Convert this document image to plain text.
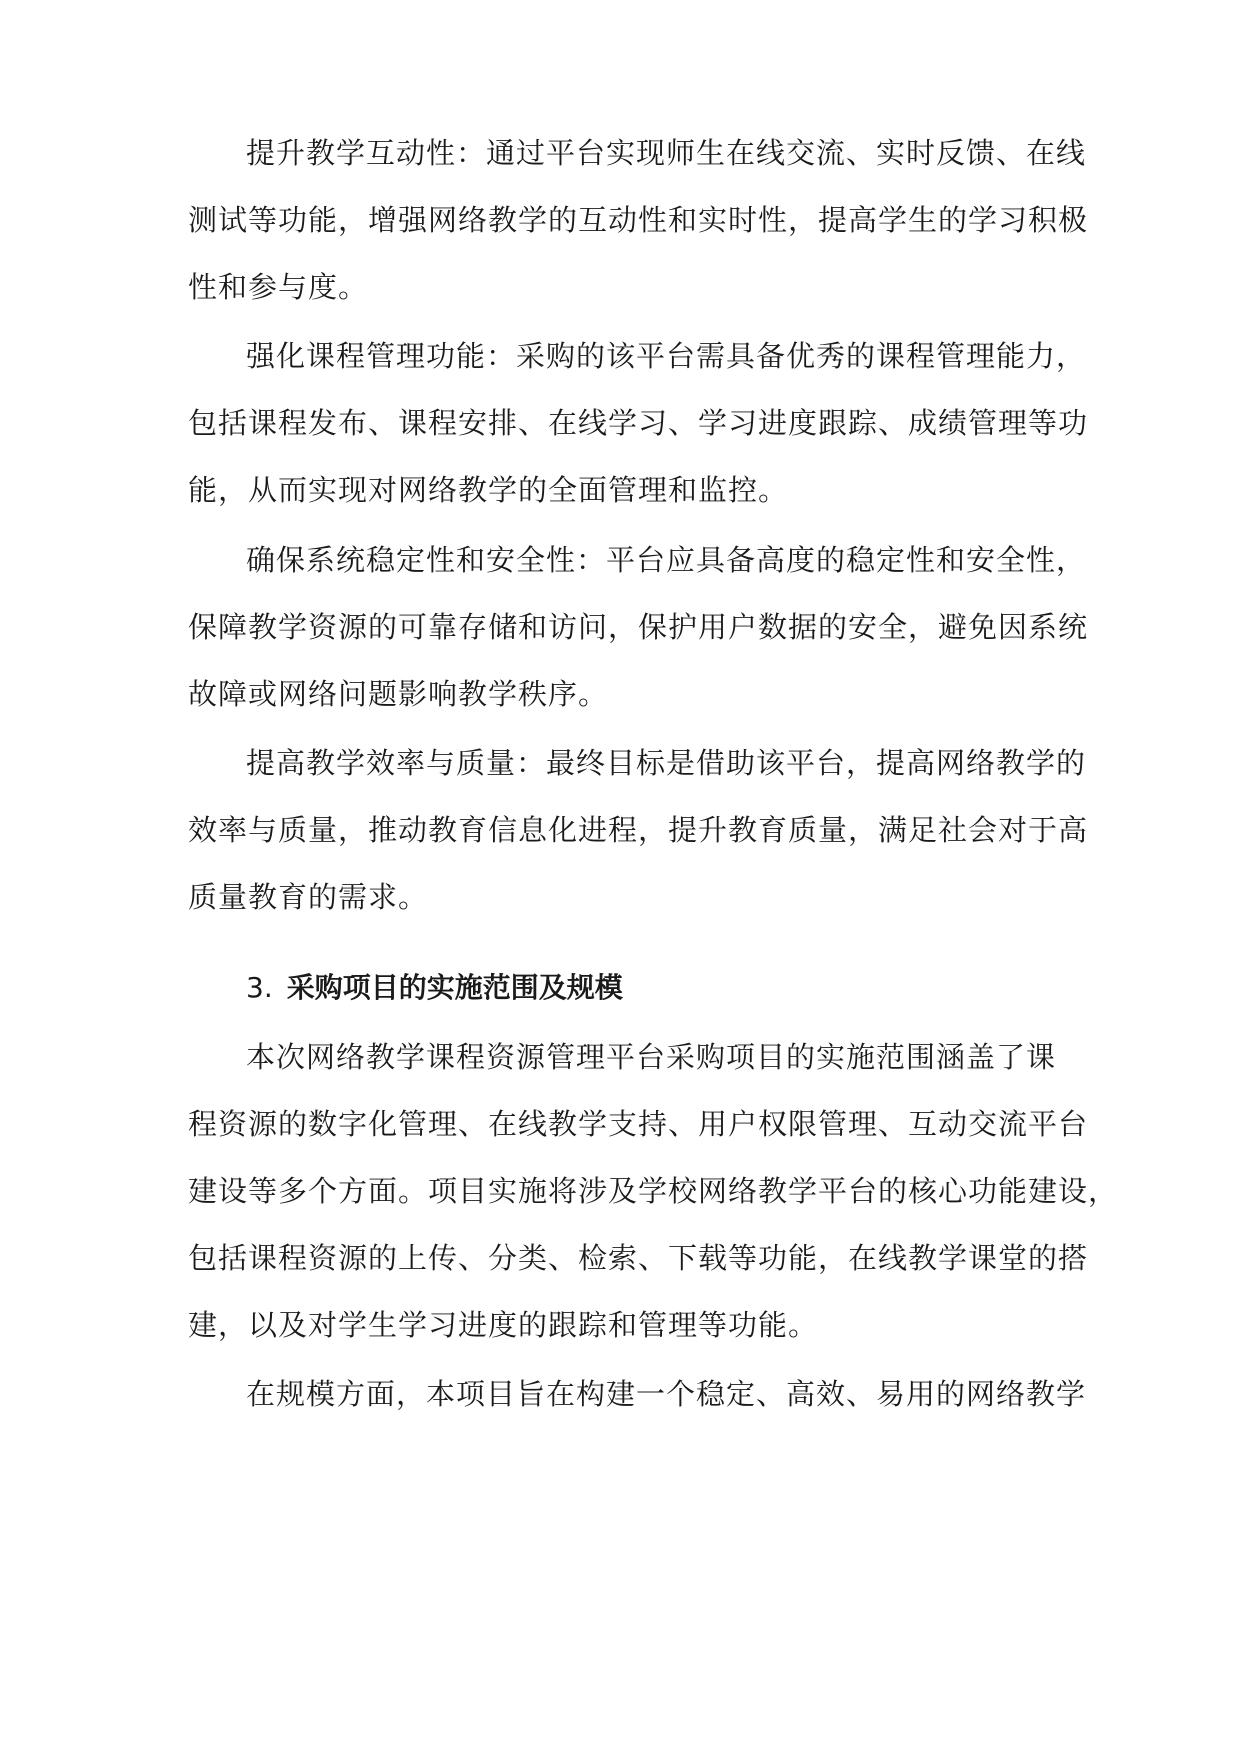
提升教学互动性：通过平台实现师生在线交流、实时反馈、在线
测试等功能，增强网络教学的互动性和实时性，提高学生的学习积极
性和参与度。
强化课程管理功能：采购的该平台需具备优秀的课程管理能力，
包括课程发布、课程安排、在线学习、学习进度跟踪、成绩管理等功
能，从而实现对网络教学的全面管理和监控。
确保系统稳定性和安全性：平台应具备高度的稳定性和安全性，
保障教学资源的可靠存储和访问，保护用户数据的安全，避免因系统
故障或网络问题影响教学秩序。
提高教学效率与质量：最终目标是借助该平台，提高网络教学的
效率与质量，推动教育信息化进程，提升教育质量，满足社会对于高
质量教育的需求。
3. 采购项目的实施范围及规模
本次网络教学课程资源管理平台采购项目的实施范围涵盖了课
程资源的数字化管理、在线教学支持、用户权限管理、互动交流平台
建设等多个方面。项目实施将涉及学校网络教学平台的核心功能建设，
包括课程资源的上传、分类、检索、下载等功能，在线教学课堂的搭
建，以及对学生学习进度的跟踪和管理等功能。
在规模方面，本项目旨在构建一个稳定、高效、易用的网络教学
